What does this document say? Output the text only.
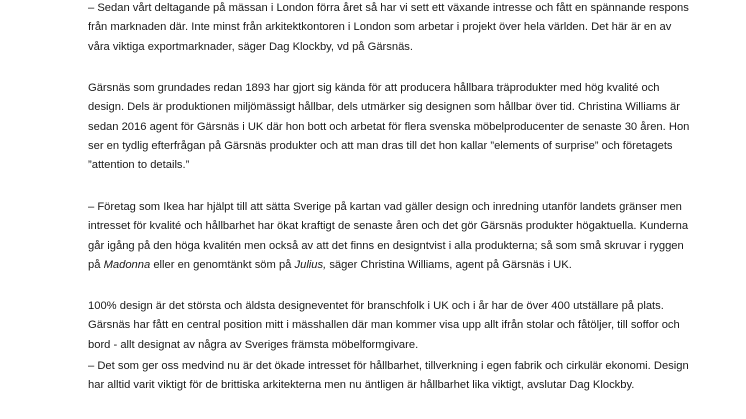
– Sedan vårt deltagande på mässan i London förra året så har vi sett ett växande intresse och fått en spännande respons
från marknaden där. Inte minst från arkitektkontoren i London som arbetar i projekt över hela världen. Det här är en av
våra viktiga exportmarknader, säger Dag Klockby, vd på Gärsnäs.

Gärsnäs som grundades redan 1893 har gjort sig kända för att producera hållbara träprodukter med hög kvalité och
design. Dels är produktionen miljömässigt hållbar, dels utmärker sig designen som hållbar över tid. Christina Williams är
sedan 2016 agent för Gärsnäs i UK där hon bott och arbetat för flera svenska möbelproducenter de senaste 30 åren. Hon
ser en tydlig efterfrågan på Gärsnäs produkter och att man dras till det hon kallar ”elements of surprise” och företagets
”attention to details.”

– Företag som Ikea har hjälpt till att sätta Sverige på kartan vad gäller design och inredning utanför landets gränser men
intresset för kvalité och hållbarhet har ökat kraftigt de senaste åren och det gör Gärsnäs produkter högaktuella. Kunderna
går igång på den höga kvalitén men också av att det finns en designtvist i alla produkterna; så som små skruvar i ryggen
på Madonna eller en genomtänkt söm på Julius, säger Christina Williams, agent på Gärsnäs i UK.

100% design är det största och äldsta designeventet för branschfolk i UK och i år har de över 400 utställare på plats.
Gärsnäs har fått en central position mitt i mässhallen där man kommer visa upp allt ifrån stolar och fåtöljer, till soffor och
bord - allt designat av några av Sveriges främsta möbelformgivare.

– Det som ger oss medvind nu är det ökade intresset för hållbarhet, tillverkning i egen fabrik och cirkulär ekonomi. Design
har alltid varit viktigt för de brittiska arkitekterna men nu äntligen är hållbarhet lika viktigt, avslutar Dag Klockby.
